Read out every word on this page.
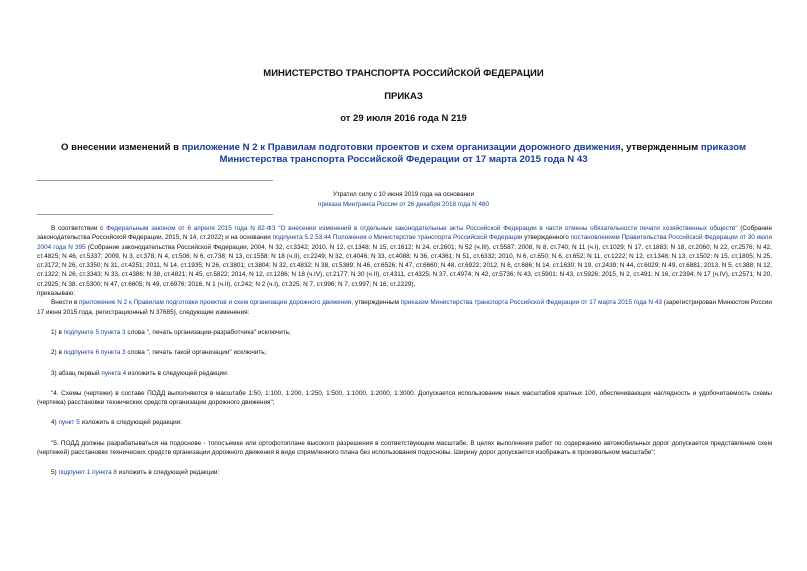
МИНИСТЕРСТВО ТРАНСПОРТА РОССИЙСКОЙ ФЕДЕРАЦИИ
ПРИКАЗ
от 29 июля 2016 года N 219
О внесении изменений в приложение N 2 к Правилам подготовки проектов и схем организации дорожного движения, утвержденным приказом Министерства транспорта Российской Федерации от 17 марта 2015 года N 43
Утратил силу с 10 июня 2019 года на основании
приказа Минтранса России от 26 декабря 2018 года N 480

В соответствии с Федеральным законом от 6 апреля 2015 года N 82-ФЗ "О внесении изменений в отдельные законодательные акты Российской Федерации в части отмены обязательности печати хозяйственных обществ" (Собрание законодательства Российской Федерации, 2015, N 14, ст.2022) и на основании подпункта 5.2.53.44 Положения о Министерстве транспорта Российской Федерации утвержденного постановлением Правительства Российской Федерации от 30 июля 2004 года N 395 (Собрание законодательства Российской Федерации, 2004, N 32, ст.3342; 2010, N 12, ст.1348; N 15, ст.1612; N 24, ст.2601; N 52 (ч.III), ст.5587; 2008, N 8, ст.740; N 11 (ч.I), ст.1029; N 17, ст.1883; N 18, ст.2060; N 22, ст.2576; N 42, ст.4825; N 46, ст.5337; 2009, N 3, ст.378; N 4, ст.506; N 6, ст.738; N 13, ст.1558; N 18 (ч.II), ст.2249; N 32, ст.4046; N 33, ст.4088; N 36, ст.4361; N 51, ст.6332; 2010, N 6, ст.650; N 6, ст.652; N 11, ст.1222; N 12, ст.1348; N 13, ст.1502; N 15, ст.1805; N 25, ст.3172; N 26, ст.3350; N 31, ст.4251; 2011, N 14, ст.1935; N 26, ст.3801; ст.3804; N 32, ст.4832; N 38, ст.5389; N 46, ст.6526; N 47, ст.6660; N 48, ст.6922; 2012, N 6, ст.686; N 14, ст.1630; N 19, ст.2439; N 44, ст.6029; N 49, ст.6881; 2013, N 5, ст.388; N 12, ст.1322; N 26, ст.3343; N 33, ст.4386; N 38, ст.4821; N 45, ст.5822; 2014, N 12, ст.1286; N 18 (ч.IV), ст.2177; N 30 (ч.II), ст.4311, ст.4325; N 37, ст.4974; N 42, ст.5736; N 43, ст.5901; N 43, ст.5926; 2015, N 2, ст.491; N 16, ст.2394; N 17 (ч.IV), ст.2571; N 20, ст.2925; N 38, ст.5300; N 47, ст.6605; N 49, ст.6976; 2016, N 1 (ч.II), ст.242; N 2 (ч.I), ст.325; N 7, ст.996; N 7, ст.997; N 16, ст.2229),

приказываю:

Внести в приложение N 2 к Правилам подготовки проектов и схем организации дорожного движения, утвержденным приказом Министерства транспорта Российской Федерации от 17 марта 2015 года N 43 (зарегистрирован Минюстом России 17 июня 2015 года, регистрационный N 37685), следующие изменения:

1) в подпункте 5 пункта 3 слова ", печать организации-разработчика" исключить;

2) в подпункте 6 пункта 3 слова ", печать такой организации" исключить;

3) абзац первый пункта 4 изложить в следующей редакции:

"4. Схемы (чертежи) в составе ПОДД выполняются в масштабе 1:50, 1:100, 1:200, 1:250, 1:500, 1:1000, 1:2000, 1:3000. Допускается использование иных масштабов кратных 100, обеспечивающих наглядность и удобочитаемость схемы (чертежа) расстановки технических средств организации дорожного движения";

4) пункт 5 изложить в следующей редакции:

"5. ПОДД должны разрабатываться на подоснове - топосъемке или ортофотоплане высокого разрешения в соответствующем масштабе. В целях выполнения работ по содержанию автомобильных дорог допускается представление схем (чертежей) расстановки технических средств организации дорожного движения в виде спрямленного плана без использования подосновы. Ширину дорог допускается изображать в произвольном масштабе";

5) подпункт 1 пункта 8 изложить в следующей редакции:
